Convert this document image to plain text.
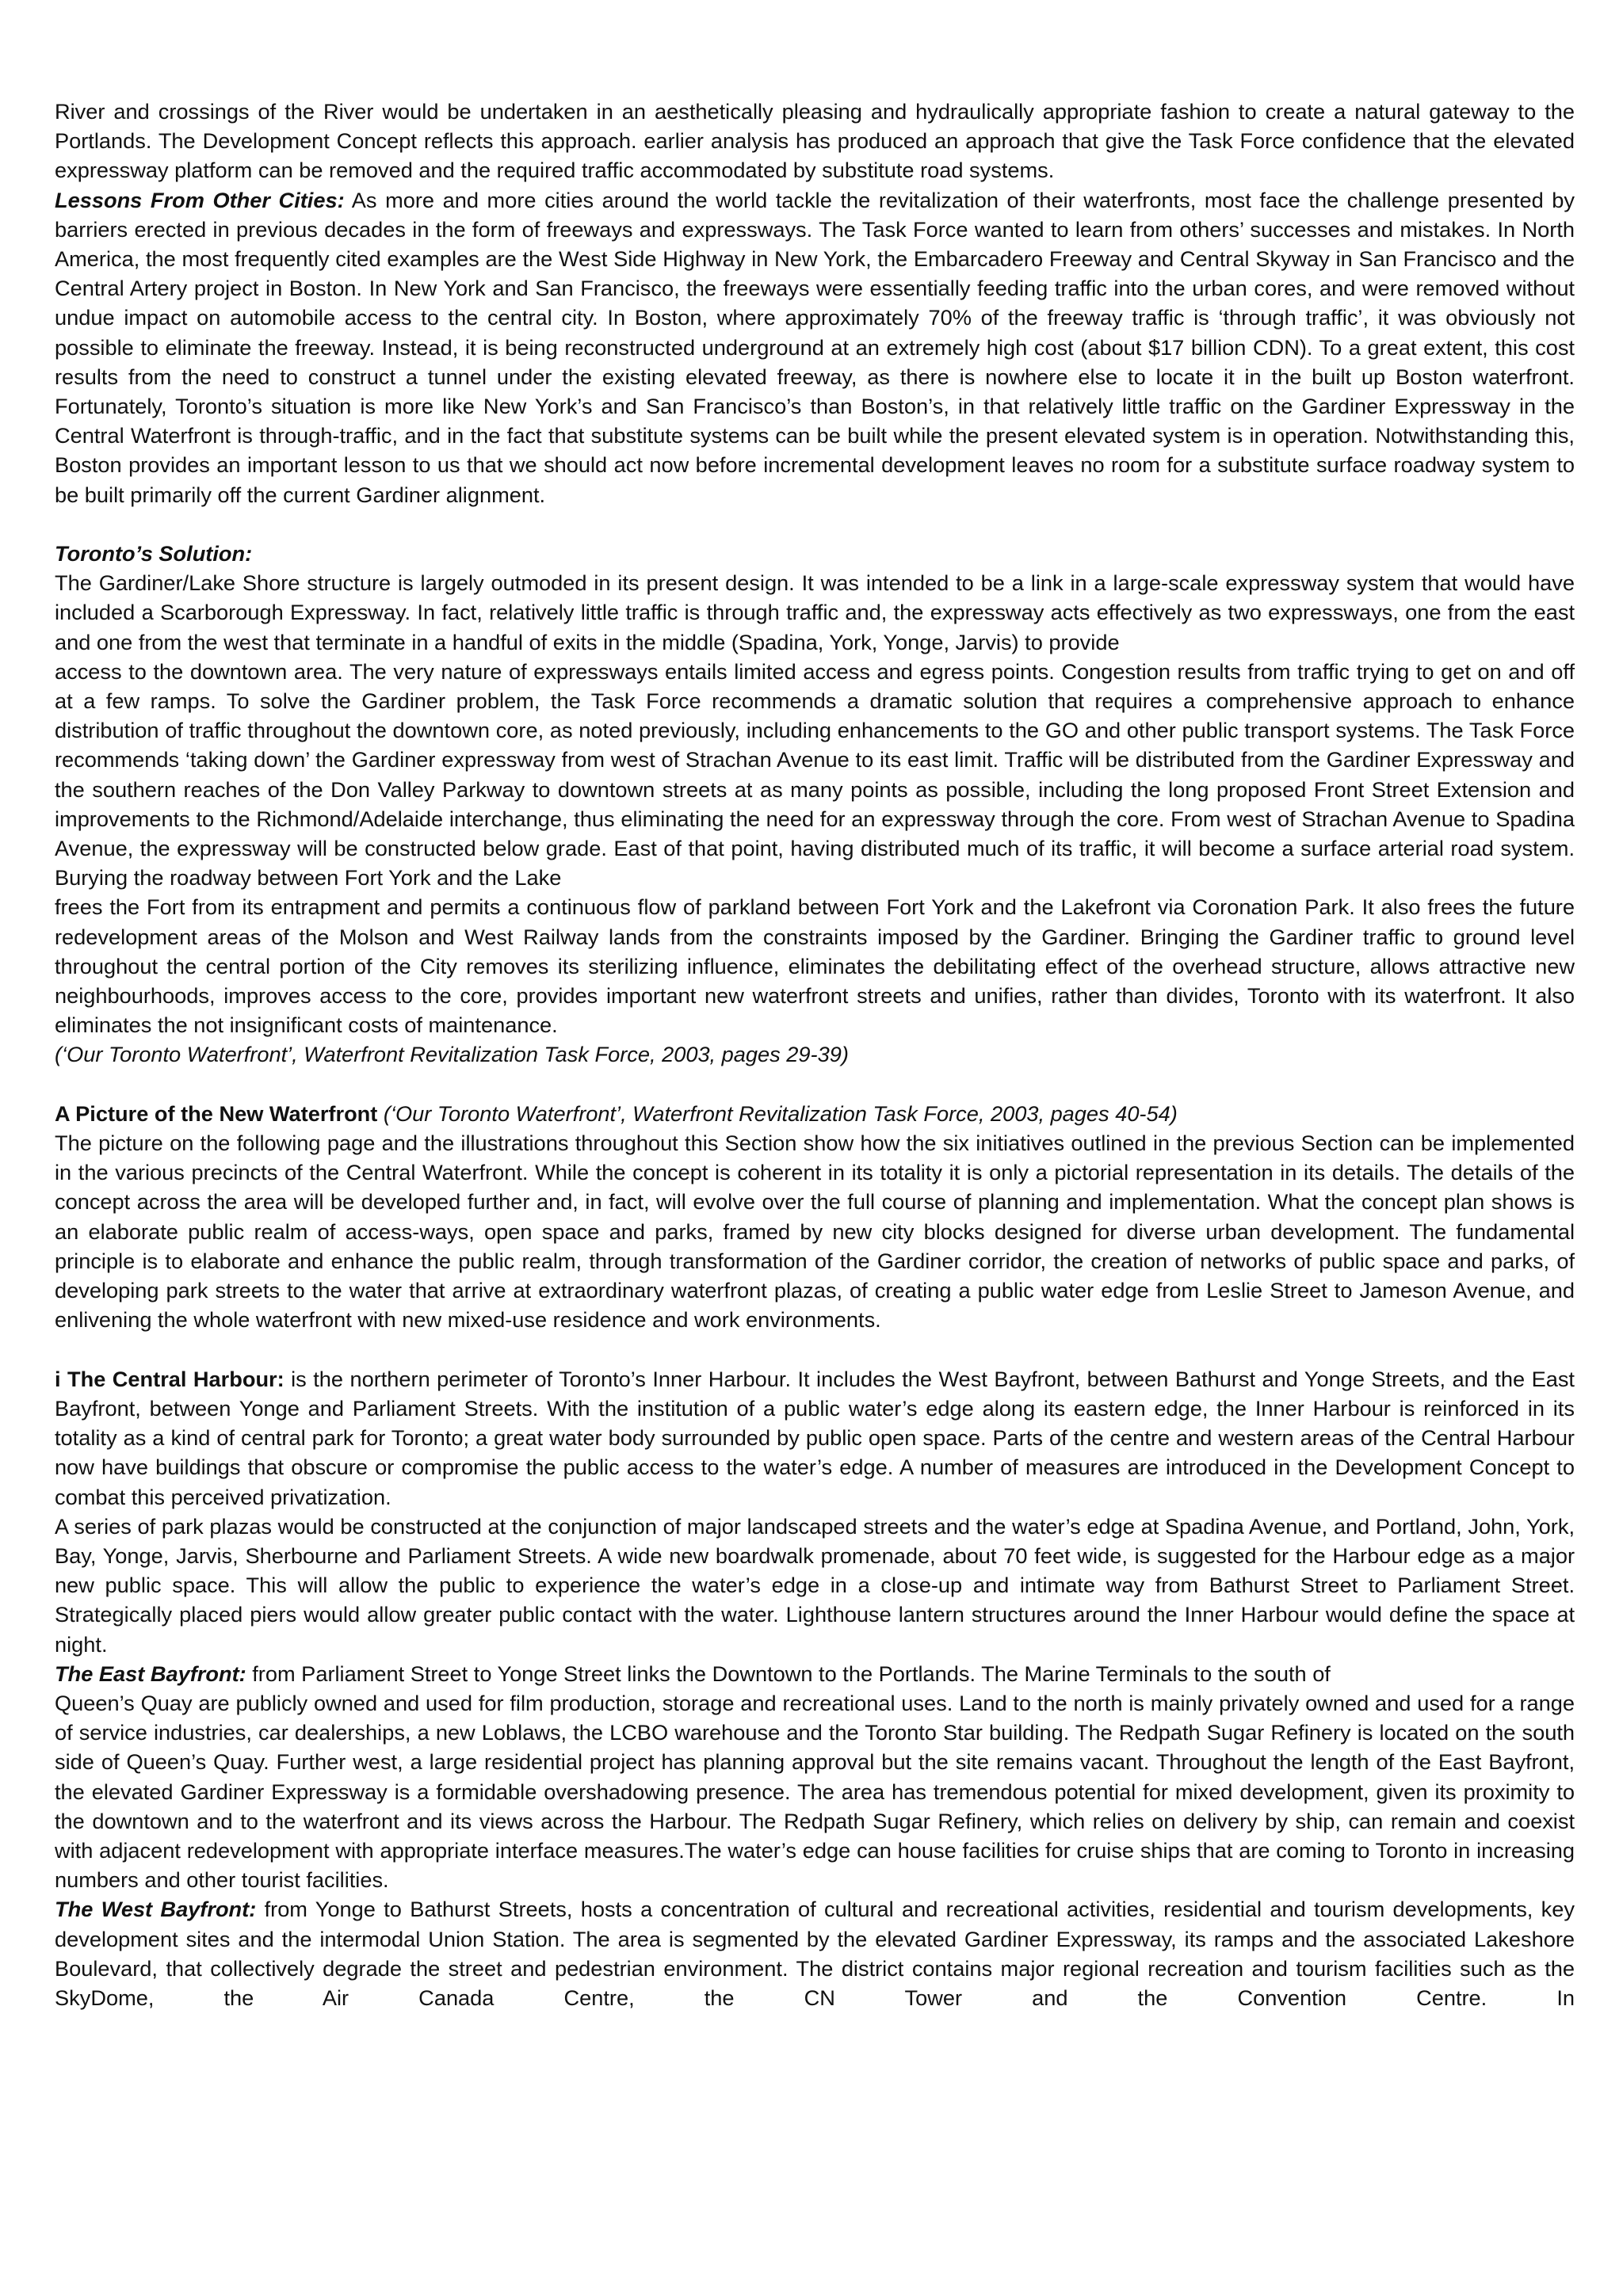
River and crossings of the River would be undertaken in an aesthetically pleasing and hydraulically appropriate fashion to create a natural gateway to the Portlands. The Development Concept reflects this approach. earlier analysis has produced an approach that give the Task Force confidence that the elevated expressway platform can be removed and the required traffic accommodated by substitute road systems.

Lessons From Other Cities: As more and more cities around the world tackle the revitalization of their waterfronts, most face the challenge presented by barriers erected in previous decades in the form of freeways and expressways. The Task Force wanted to learn from others’ successes and mistakes. In North America, the most frequently cited examples are the West Side Highway in New York, the Embarcadero Freeway and Central Skyway in San Francisco and the Central Artery project in Boston. In New York and San Francisco, the freeways were essentially feeding traffic into the urban cores, and were removed without undue impact on automobile access to the central city. In Boston, where approximately 70% of the freeway traffic is ‘through traffic’, it was obviously not possible to eliminate the freeway. Instead, it is being reconstructed underground at an extremely high cost (about $17 billion CDN). To a great extent, this cost results from the need to construct a tunnel under the existing elevated freeway, as there is nowhere else to locate it in the built up Boston waterfront. Fortunately, Toronto’s situation is more like New York’s and San Francisco’s than Boston’s, in that relatively little traffic on the Gardiner Expressway in the Central Waterfront is through-traffic, and in the fact that substitute systems can be built while the present elevated system is in operation. Notwithstanding this, Boston provides an important lesson to us that we should act now before incremental development leaves no room for a substitute surface roadway system to be built primarily off the current Gardiner alignment.

Toronto’s Solution:

The Gardiner/Lake Shore structure is largely outmoded in its present design. It was intended to be a link in a large-scale expressway system that would have included a Scarborough Expressway. In fact, relatively little traffic is through traffic and, the expressway acts effectively as two expressways, one from the east and one from the west that terminate in a handful of exits in the middle (Spadina, York, Yonge, Jarvis) to provide

access to the downtown area. The very nature of expressways entails limited access and egress points. Congestion results from traffic trying to get on and off at a few ramps. To solve the Gardiner problem, the Task Force recommends a dramatic solution that requires a comprehensive approach to enhance distribution of traffic throughout the downtown core, as noted previously, including enhancements to the GO and other public transport systems. The Task Force recommends ‘taking down’ the Gardiner expressway from west of Strachan Avenue to its east limit. Traffic will be distributed from the Gardiner Expressway and the southern reaches of the Don Valley Parkway to downtown streets at as many points as possible, including the long proposed Front Street Extension and improvements to the Richmond/Adelaide interchange, thus eliminating the need for an expressway through the core. From west of Strachan Avenue to Spadina Avenue, the expressway will be constructed below grade. East of that point, having distributed much of its traffic, it will become a surface arterial road system. Burying the roadway between Fort York and the Lake

frees the Fort from its entrapment and permits a continuous flow of parkland between Fort York and the Lakefront via Coronation Park. It also frees the future redevelopment areas of the Molson and West Railway lands from the constraints imposed by the Gardiner. Bringing the Gardiner traffic to ground level throughout the central portion of the City removes its sterilizing influence, eliminates the debilitating effect of the overhead structure, allows attractive new neighbourhoods, improves access to the core, provides important new waterfront streets and unifies, rather than divides, Toronto with its waterfront. It also eliminates the not insignificant costs of maintenance.

(‘Our Toronto Waterfront’, Waterfront Revitalization Task Force, 2003, pages 29-39)

A Picture of the New Waterfront (‘Our Toronto Waterfront’, Waterfront Revitalization Task Force, 2003, pages 40-54)

The picture on the following page and the illustrations throughout this Section show how the six initiatives outlined in the previous Section can be implemented in the various precincts of the Central Waterfront. While the concept is coherent in its totality it is only a pictorial representation in its details. The details of the concept across the area will be developed further and, in fact, will evolve over the full course of planning and implementation. What the concept plan shows is an elaborate public realm of access-ways, open space and parks, framed by new city blocks designed for diverse urban development. The fundamental principle is to elaborate and enhance the public realm, through transformation of the Gardiner corridor, the creation of networks of public space and parks, of developing park streets to the water that arrive at extraordinary waterfront plazas, of creating a public water edge from Leslie Street to Jameson Avenue, and enlivening the whole waterfront with new mixed-use residence and work environments.

i The Central Harbour: is the northern perimeter of Toronto’s Inner Harbour. It includes the West Bayfront, between Bathurst and Yonge Streets, and the East Bayfront, between Yonge and Parliament Streets. With the institution of a public water’s edge along its eastern edge, the Inner Harbour is reinforced in its totality as a kind of central park for Toronto; a great water body surrounded by public open space. Parts of the centre and western areas of the Central Harbour now have buildings that obscure or compromise the public access to the water’s edge. A number of measures are introduced in the Development Concept to combat this perceived privatization.

A series of park plazas would be constructed at the conjunction of major landscaped streets and the water’s edge at Spadina Avenue, and Portland, John, York, Bay, Yonge, Jarvis, Sherbourne and Parliament Streets. A wide new boardwalk promenade, about 70 feet wide, is suggested for the Harbour edge as a major new public space. This will allow the public to experience the water’s edge in a close-up and intimate way from Bathurst Street to Parliament Street. Strategically placed piers would allow greater public contact with the water. Lighthouse lantern structures around the Inner Harbour would define the space at night.

The East Bayfront: from Parliament Street to Yonge Street links the Downtown to the Portlands. The Marine Terminals to the south of

Queen’s Quay are publicly owned and used for film production, storage and recreational uses. Land to the north is mainly privately owned and used for a range of service industries, car dealerships, a new Loblaws, the LCBO warehouse and the Toronto Star building. The Redpath Sugar Refinery is located on the south side of Queen’s Quay. Further west, a large residential project has planning approval but the site remains vacant. Throughout the length of the East Bayfront, the elevated Gardiner Expressway is a formidable overshadowing presence. The area has tremendous potential for mixed development, given its proximity to the downtown and to the waterfront and its views across the Harbour. The Redpath Sugar Refinery, which relies on delivery by ship, can remain and coexist with adjacent redevelopment with appropriate interface measures.The water’s edge can house facilities for cruise ships that are coming to Toronto in increasing numbers and other tourist facilities.

The West Bayfront: from Yonge to Bathurst Streets, hosts a concentration of cultural and recreational activities, residential and tourism developments, key development sites and the intermodal Union Station. The area is segmented by the elevated Gardiner Expressway, its ramps and the associated Lakeshore Boulevard, that collectively degrade the street and pedestrian environment. The district contains major regional recreation and tourism facilities such as the SkyDome, the Air Canada Centre, the CN Tower and the Convention Centre. In
